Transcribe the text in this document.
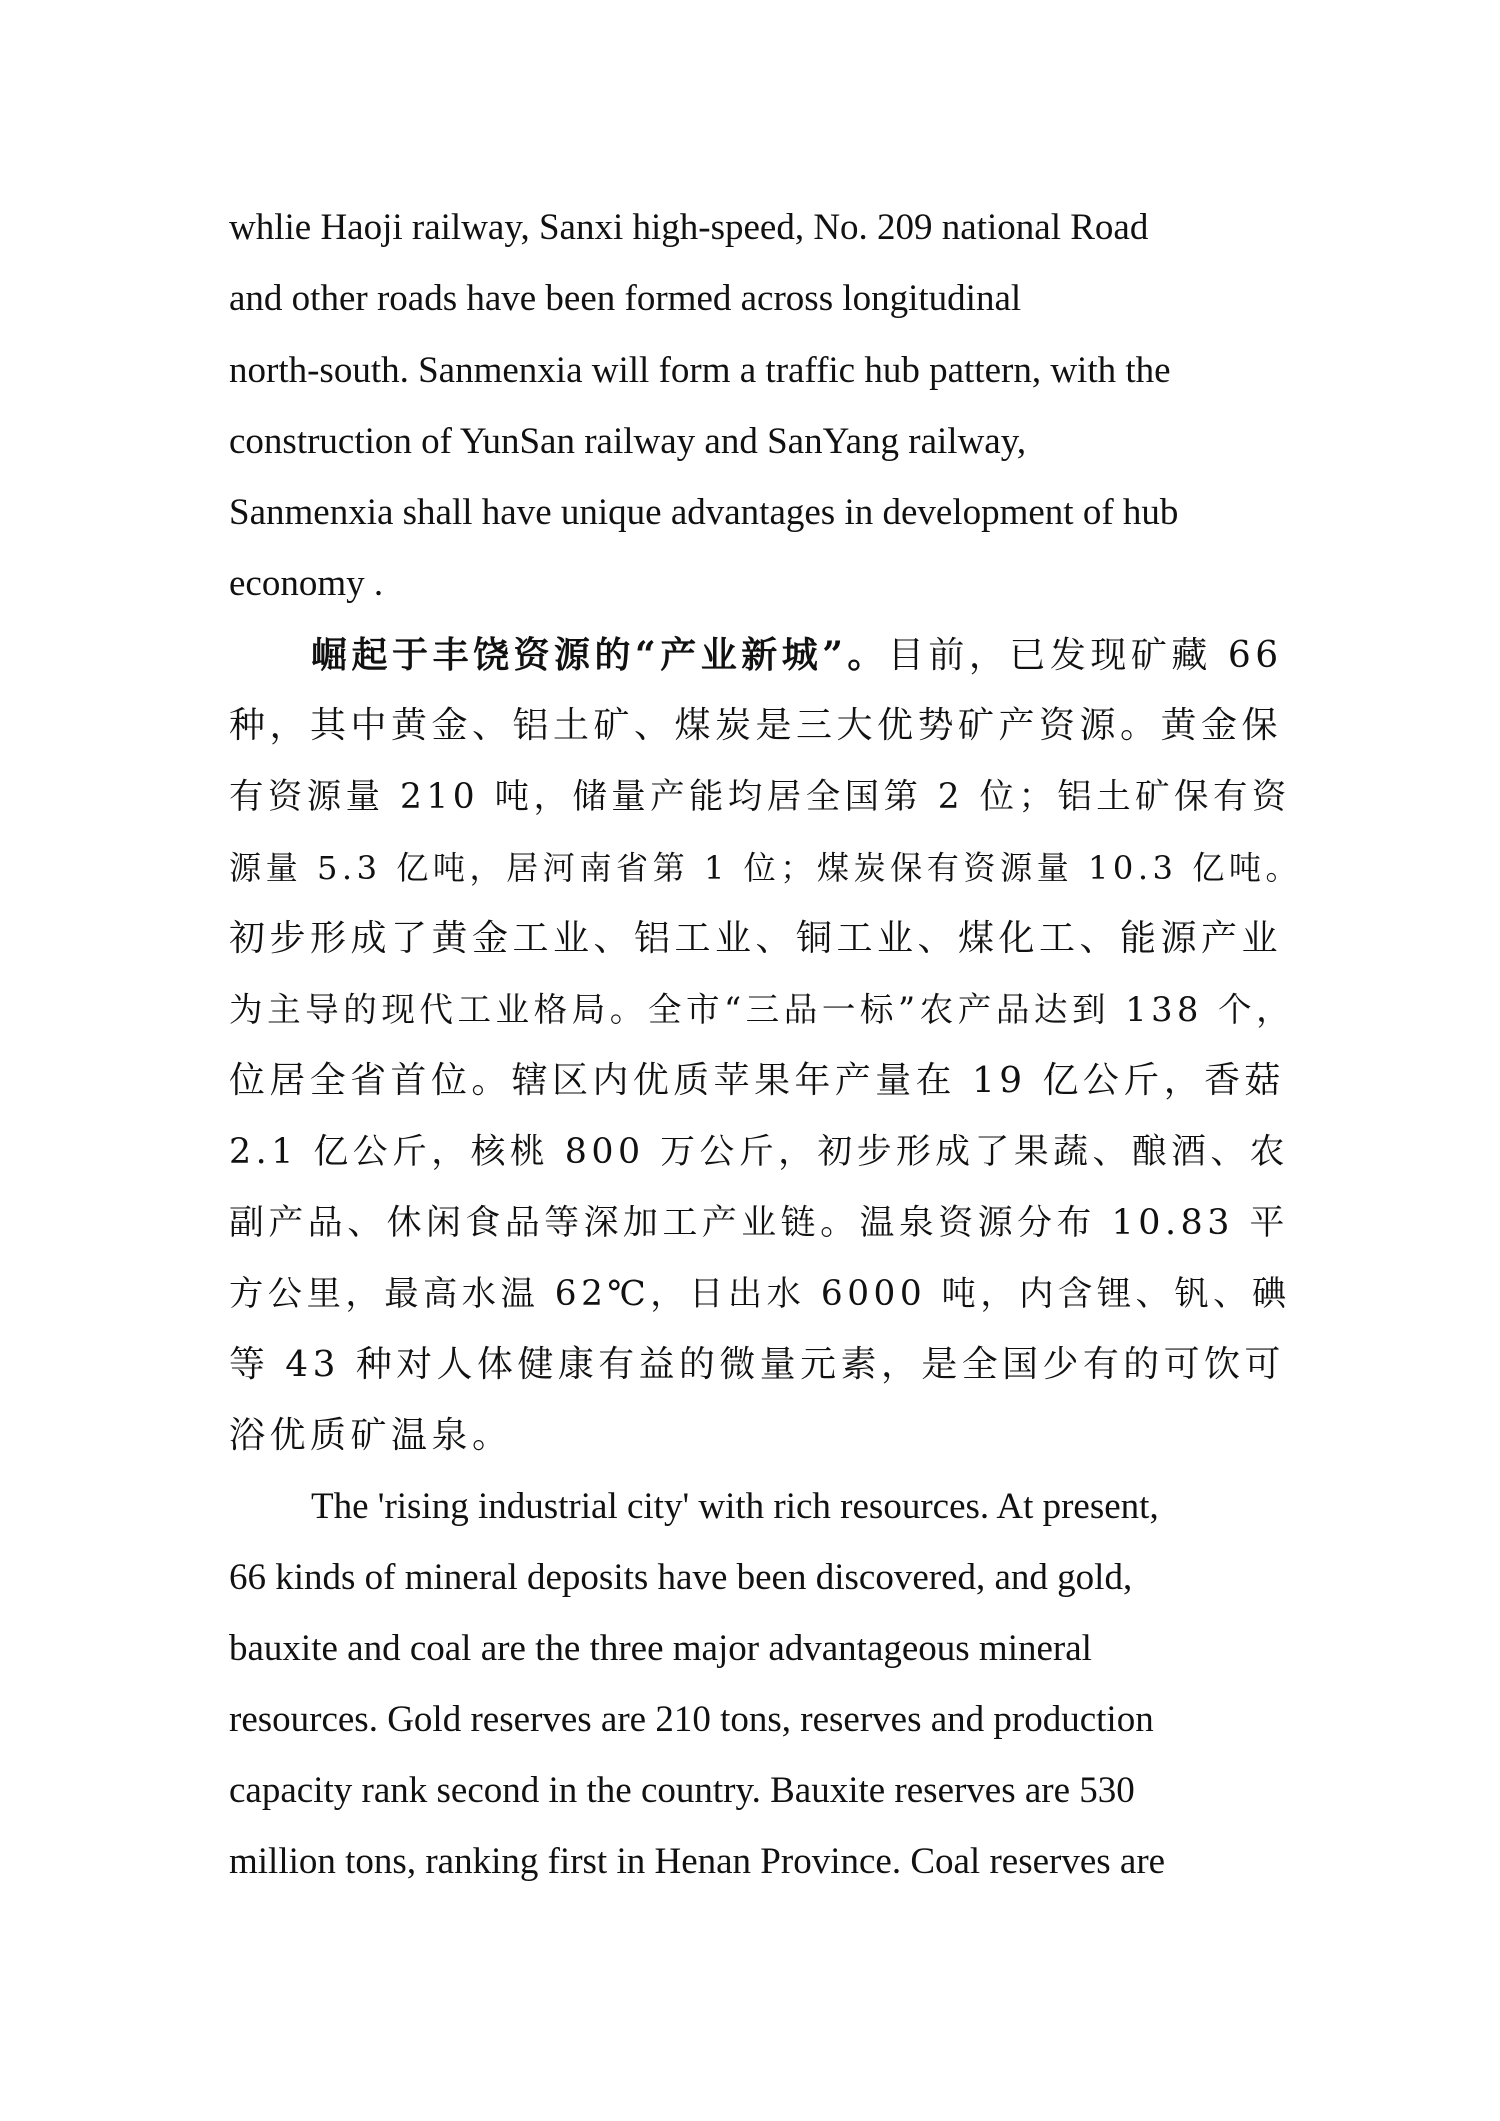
whlie Haoji railway, Sanxi high-speed, No. 209 national Road
and other roads have been formed across longitudinal
north-south. Sanmenxia will form a traffic hub pattern, with the
construction of YunSan railway and SanYang railway,
Sanmenxia shall have unique advantages in development of hub
economy .
崛起于丰饶资源的“产业新城”。目前，已发现矿藏 66
种，其中黄金、铝土矿、煤炭是三大优势矿产资源。黄金保
有资源量 210 吨，储量产能均居全国第 2 位；铝土矿保有资
源量 5.3 亿吨，居河南省第 1 位；煤炭保有资源量 10.3 亿吨。
初步形成了黄金工业、铝工业、铜工业、煤化工、能源产业
为主导的现代工业格局。全市“三品一标”农产品达到 138 个，
位居全省首位。辖区内优质苹果年产量在 19 亿公斤，香菇
2.1 亿公斤，核桃 800 万公斤，初步形成了果蔬、酿酒、农
副产品、休闲食品等深加工产业链。温泉资源分布 10.83 平
方公里，最高水温 62℃，日出水 6000 吨，内含锂、钒、碘
等 43 种对人体健康有益的微量元素，是全国少有的可饮可
浴优质矿温泉。
The 'rising industrial city' with rich resources. At present,
66 kinds of mineral deposits have been discovered, and gold,
bauxite and coal are the three major advantageous mineral
resources. Gold reserves are 210 tons, reserves and production
capacity rank second in the country. Bauxite reserves are 530
million tons, ranking first in Henan Province. Coal reserves are
